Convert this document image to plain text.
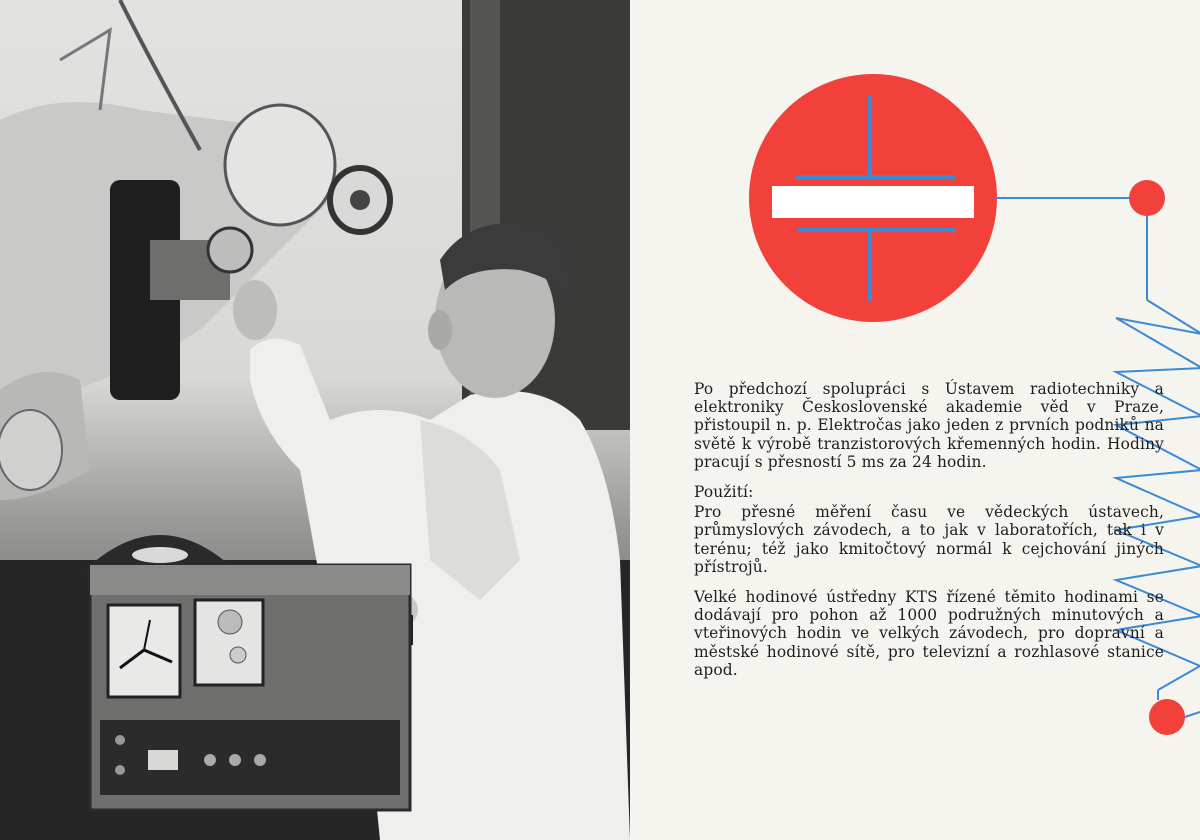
Po předchozí spolupráci s Ústavem radiotechniky a elektroniky Československé akademie věd v Praze, přistoupil n. p. Elektročas jako jeden z prvních podniků na světě k výrobě tranzistorových křemenných hodin. Hodiny pracují s přesností 5 ms za 24 hodin.

Použití:

Pro přesné měření času ve vědeckých ústavech, průmyslových závodech, a to jak v laboratořích, tak i v terénu; též jako kmitočtový normál k cejchování jiných přístrojů.

Velké hodinové ústředny KTS řízené těmito hodinami se dodávají pro pohon až 1000 podružných minutových a vteřinových hodin ve velkých závodech, pro dopravní a městské hodinové sítě, pro televizní a rozhlasové stanice apod.
